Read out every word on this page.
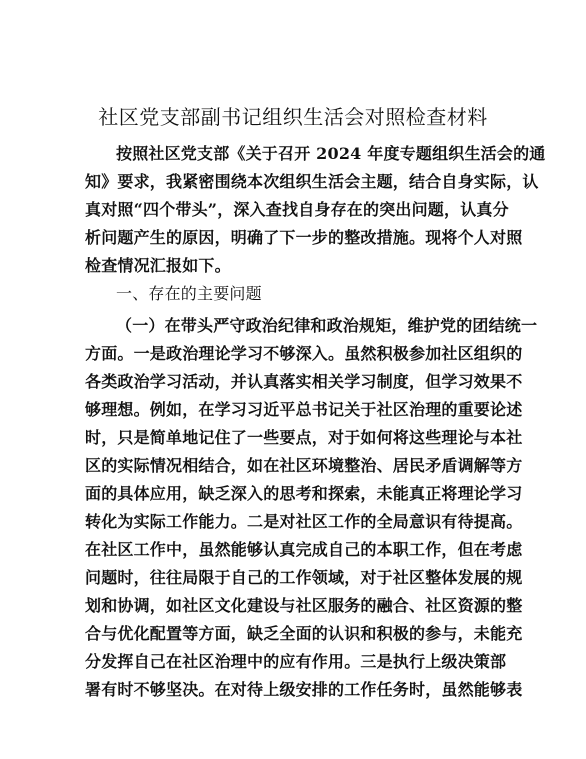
社区党支部副书记组织生活会对照检查材料
按照社区党支部《关于召开 2024 年度专题组织生活会的通
知》要求，我紧密围绕本次组织生活会主题，结合自身实际，认
真对照“四个带头”，深入查找自身存在的突出问题，认真分
析问题产生的原因，明确了下一步的整改措施。现将个人对照
检查情况汇报如下。
一、存在的主要问题
（一）在带头严守政治纪律和政治规矩，维护党的团结统一
方面。一是政治理论学习不够深入。虽然积极参加社区组织的
各类政治学习活动，并认真落实相关学习制度，但学习效果不
够理想。例如，在学习习近平总书记关于社区治理的重要论述
时，只是简单地记住了一些要点，对于如何将这些理论与本社
区的实际情况相结合，如在社区环境整治、居民矛盾调解等方
面的具体应用，缺乏深入的思考和探索，未能真正将理论学习
转化为实际工作能力。二是对社区工作的全局意识有待提高。
在社区工作中，虽然能够认真完成自己的本职工作，但在考虑
问题时，往往局限于自己的工作领域，对于社区整体发展的规
划和协调，如社区文化建设与社区服务的融合、社区资源的整
合与优化配置等方面，缺乏全面的认识和积极的参与，未能充
分发挥自己在社区治理中的应有作用。三是执行上级决策部
署有时不够坚决。在对待上级安排的工作任务时，虽然能够表
